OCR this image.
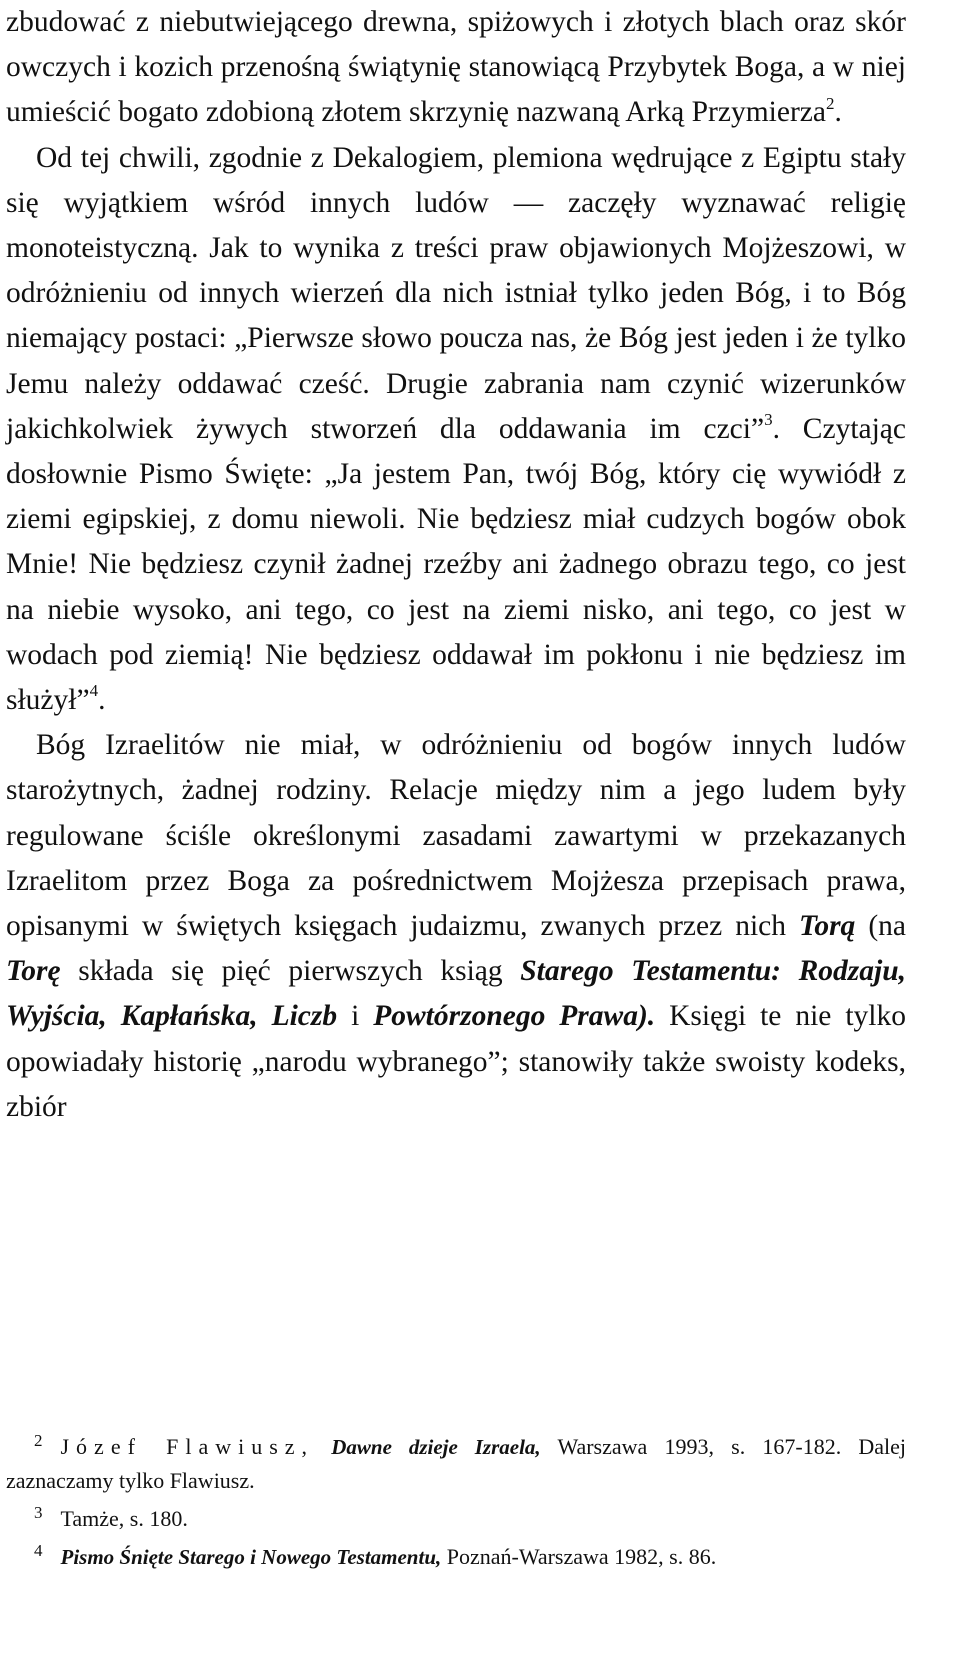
zbudować z niebutwiejącego drewna, spiżowych i złotych blach oraz skór owczych i kozich przenośną świątynię stanowiącą Przybytek Boga, a w niej umieścić bogato zdobioną złotem skrzynię nazwaną Arką Przymierza$^2$.

Od tej chwili, zgodnie z Dekalogiem, plemiona wędrujące z Egiptu stały się wyjątkiem wśród innych ludów — zaczęły wyznawać religię monoteistyczną. Jak to wynika z treści praw objawionych Mojżeszowi, w odróżnieniu od innych wierzeń dla nich istniał tylko jeden Bóg, i to Bóg niemający postaci: „Pierwsze słowo poucza nas, że Bóg jest jeden i że tylko Jemu należy oddawać cześć. Drugie zabrania nam czynić wizerunków jakichkolwiek żywych stworzeń dla oddawania im czci”$^3$. Czytając dosłownie Pismo Święte: „Ja jestem Pan, twój Bóg, który cię wywiódł z ziemi egipskiej, z domu niewoli. Nie będziesz miał cudzych bogów obok Mnie! Nie będziesz czynił żadnej rzeźby ani żadnego obrazu tego, co jest na niebie wysoko, ani tego, co jest na ziemi nisko, ani tego, co jest w wodach pod ziemią! Nie będziesz oddawał im pokłonu i nie będziesz im służył”$^4$.

Bóg Izraelitów nie miał, w odróżnieniu od bogów innych ludów starożytnych, żadnej rodziny. Relacje między nim a jego ludem były regulowane ściśle określonymi zasadami zawartymi w przekazanych Izraelitom przez Boga za pośrednictwem Mojżesza przepisach prawa, opisanymi w świętych księgach judaizmu, zwanych przez nich Torą (na Torę składa się pięć pierwszych ksiąg Starego Testamentu: Rodzaju, Wyjścia, Kapłańska, Liczb i Powtórzonego Prawa). Księgi te nie tylko opowiadały historię „narodu wybranego”; stanowiły także swoisty kodeks, zbiór

$^2$ Józef Flawiusz, Dawne dzieje Izraela, Warszawa 1993, s. 167-182. Dalej zaznaczamy tylko Flawiusz.
$^3$ Tamże, s. 180.
$^4$ Pismo Śnięte Starego i Nowego Testamentu, Poznań-Warszawa 1982, s. 86.
